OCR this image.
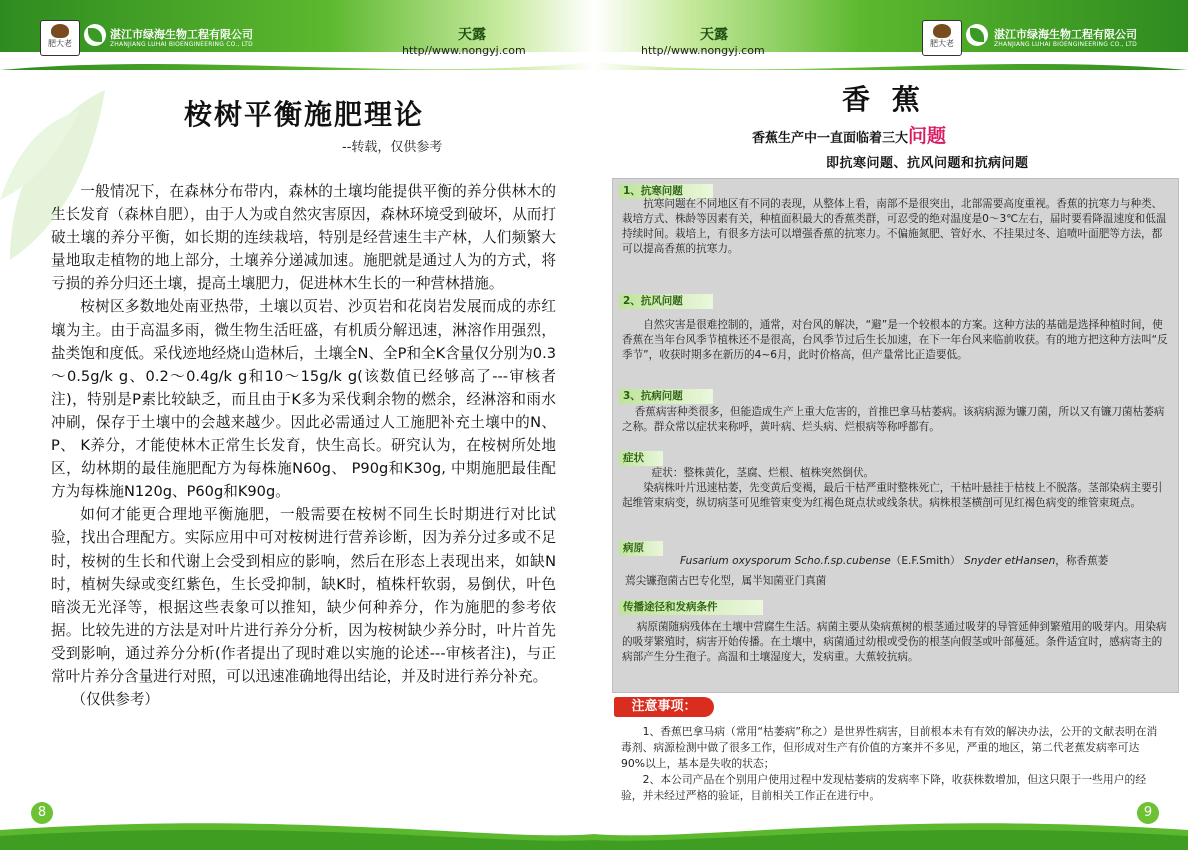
肥大老
湛江市绿海生物工程有限公司
ZHANJIANG LUHAI BIOENGINEERING CO., LTD
天露
http//www.nongyj.com
天露
http//www.nongyj.com
肥大老
湛江市绿海生物工程有限公司
ZHANJIANG LUHAI BIOENGINEERING CO., LTD
桉树平衡施肥理论
--转载，仅供参考

一般情况下，在森林分布带内，森林的土壤均能提供平衡的养分供林木的生长发育（森林自肥），由于人为或自然灾害原因，森林环境受到破坏，从而打破土壤的养分平衡，如长期的连续栽培，特别是经营速生丰产林，人们频繁大量地取走植物的地上部分，土壤养分递减加速。施肥就是通过人为的方式，将亏损的养分归还土壤，提高土壤肥力，促进林木生长的一种营林措施。

桉树区多数地处南亚热带，土壤以页岩、沙页岩和花岗岩发展而成的赤红壤为主。由于高温多雨，微生物生活旺盛，有机质分解迅速，淋溶作用强烈，盐类饱和度低。采伐迹地经烧山造林后，土壤全N、全P和全K含量仅分别为0.3～0.5g/k g、0.2～0.4g/k g和10～15g/k g(该数值已经够高了---审核者注)，特别是P素比较缺乏，而且由于K多为采伐剩余物的燃余，经淋溶和雨水冲刷，保存于土壤中的会越来越少。因此必需通过人工施肥补充土壤中的N、 P、 K养分，才能使林木正常生长发育，快生高长。研究认为，在桉树所处地区，幼林期的最佳施肥配方为每株施N60g、 P90g和K30g, 中期施肥最佳配方为每株施N120g、P60g和K90g。

如何才能更合理地平衡施肥，一般需要在桉树不同生长时期进行对比试验，找出合理配方。实际应用中可对桉树进行营养诊断，因为养分过多或不足时，桉树的生长和代谢上会受到相应的影响，然后在形态上表现出来，如缺N时，植树失绿或变红紫色，生长受抑制，缺K时，植株杆软弱，易倒伏，叶色暗淡无光泽等，根据这些表象可以推知，缺少何种养分，作为施肥的参考依据。比较先进的方法是对叶片进行养分分析，因为桉树缺少养分时，叶片首先受到影响，通过养分分析(作者提出了现时难以实施的论述---审核者注)，与正常叶片养分含量进行对照，可以迅速准确地得出结论，并及时进行养分补充。

（仅供参考）

香 蕉
香蕉生产中一直面临着三大问题
即抗寒问题、抗风问题和抗病问题
1、抗寒问题
抗寒问题在不同地区有不同的表现，从整体上看，南部不是很突出，北部需要高度重视。香蕉的抗寒力与种类、栽培方式、株龄等因素有关，种植面积最大的香蕉类群，可忍受的绝对温度是0～3℃左右，届时要看降温速度和低温持续时间。栽培上，有很多方法可以增强香蕉的抗寒力。不偏施氮肥、管好水、不挂果过冬、追喷叶面肥等方法，都可以提高香蕉的抗寒力。
2、抗风问题
自然灾害是很难控制的，通常，对台风的解决，“避”是一个较根本的方案。这种方法的基础是选择种植时间，使香蕉在当年台风季节植株还不是很高，台风季节过后生长加速，在下一年台风来临前收获。有的地方把这种方法叫“反季节”，收获时期多在新历的4~6月，此时价格高，但产量常比正造要低。
3、抗病问题
香蕉病害种类很多，但能造成生产上重大危害的，首推巴拿马枯萎病。该病病源为镰刀菌，所以又有镰刀菌枯萎病之称。群众常以症状来称呼，黄叶病、烂头病、烂根病等称呼都有。
症状
症状：整株黄化，茎腐、烂根、植株突然倒伏。
染病株叶片迅速枯萎，先变黄后变褐，最后干枯严重时整株死亡，干枯叶悬挂于枯枝上不脱落。茎部染病主要引起维管束病变，纵切病茎可见维管束变为红褐色斑点状或线条状。病株根茎横剖可见红褐色病变的维管束斑点。
病原
Fusarium oxysporum Scho.f.sp.cubense（E.F.Smith） Snyder etHansen，称香蕉萎
蔫尖镰孢菌古巴专化型，属半知菌亚门真菌
传播途径和发病条件
病原菌随病残体在土壤中营腐生生活。病菌主要从染病蕉树的根茎通过吸芽的导管延伸到繁殖用的吸芽内。用染病的吸芽繁殖时，病害开始传播。在土壤中，病菌通过幼根或受伤的根茎向假茎或叶部蔓延。条件适宜时，感病寄主的病部产生分生孢子。高温和土壤湿度大，发病重。大蕉较抗病。
注意事项：

1、香蕉巴拿马病（常用“枯萎病”称之）是世界性病害，目前根本未有有效的解决办法，公开的文献表明在消毒剂、病源检测中做了很多工作，但形成对生产有价值的方案并不多见，严重的地区，第二代老蕉发病率可达90%以上，基本是失收的状态；

2、本公司产品在个别用户使用过程中发现枯萎病的发病率下降，收获株数增加，但这只限于一些用户的经验，并未经过严格的验证，目前相关工作正在进行中。

8	9
